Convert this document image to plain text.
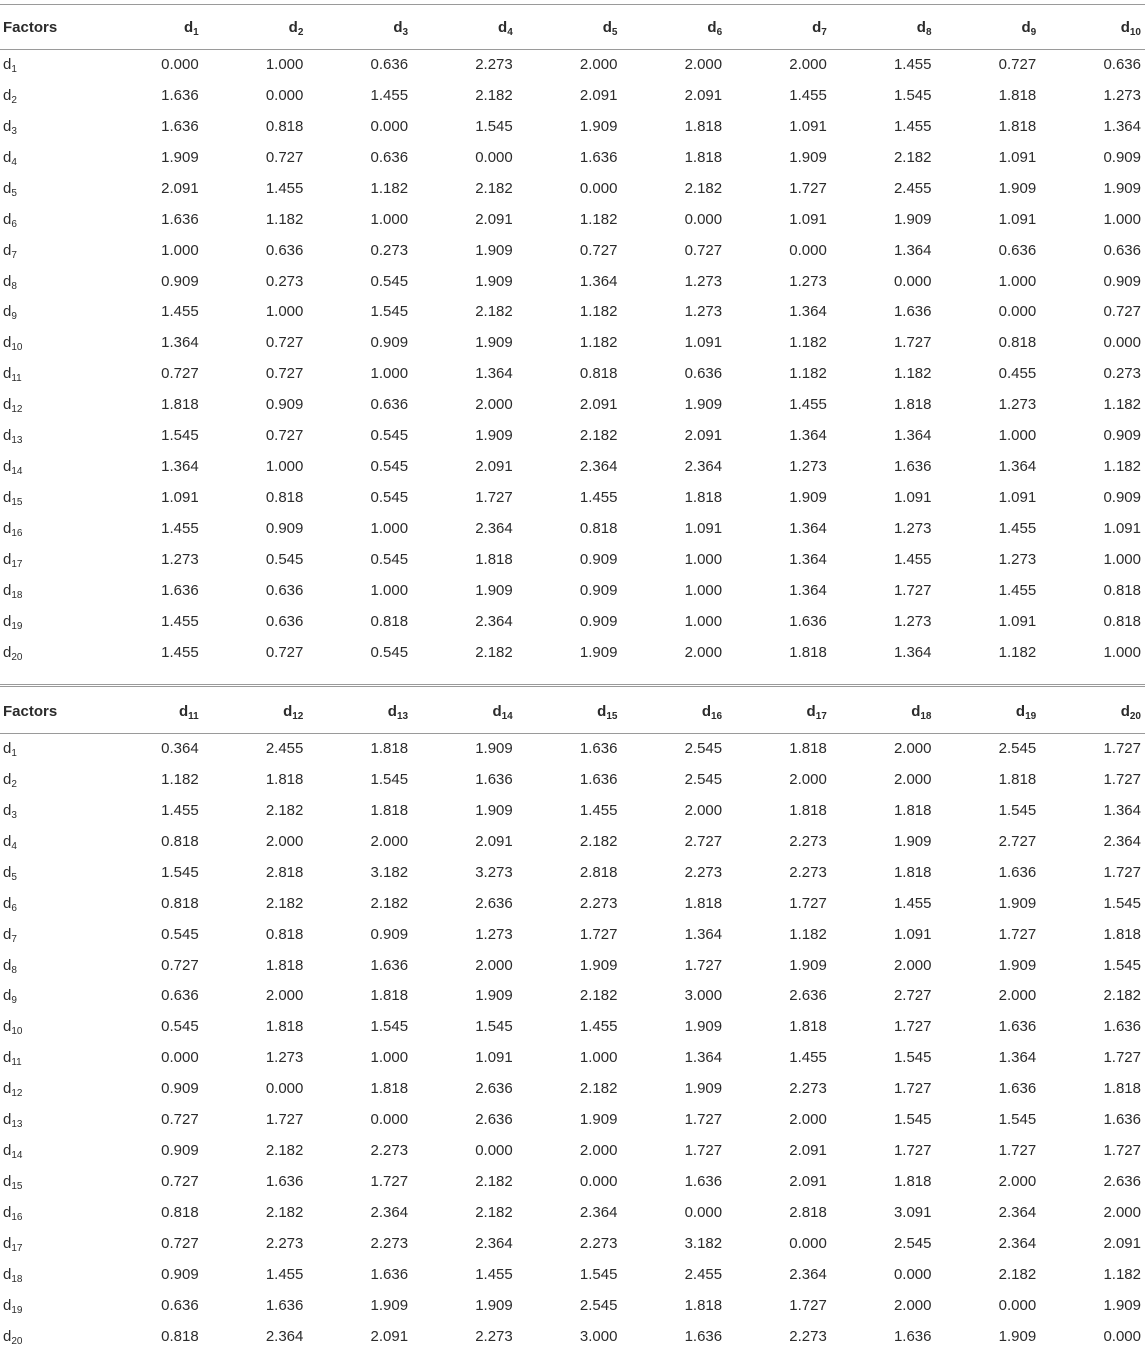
Factors	$d_1$	$d_2$	$d_3$	$d_4$	$d_5$	$d_6$	$d_7$	$d_8$	$d_9$	$d_{10}$
$d_1$	0.000	1.000	0.636	2.273	2.000	2.000	2.000	1.455	0.727	0.636
$d_2$	1.636	0.000	1.455	2.182	2.091	2.091	1.455	1.545	1.818	1.273
$d_3$	1.636	0.818	0.000	1.545	1.909	1.818	1.091	1.455	1.818	1.364
$d_4$	1.909	0.727	0.636	0.000	1.636	1.818	1.909	2.182	1.091	0.909
$d_5$	2.091	1.455	1.182	2.182	0.000	2.182	1.727	2.455	1.909	1.909
$d_6$	1.636	1.182	1.000	2.091	1.182	0.000	1.091	1.909	1.091	1.000
$d_7$	1.000	0.636	0.273	1.909	0.727	0.727	0.000	1.364	0.636	0.636
$d_8$	0.909	0.273	0.545	1.909	1.364	1.273	1.273	0.000	1.000	0.909
$d_9$	1.455	1.000	1.545	2.182	1.182	1.273	1.364	1.636	0.000	0.727
$d_{10}$	1.364	0.727	0.909	1.909	1.182	1.091	1.182	1.727	0.818	0.000
$d_{11}$	0.727	0.727	1.000	1.364	0.818	0.636	1.182	1.182	0.455	0.273
$d_{12}$	1.818	0.909	0.636	2.000	2.091	1.909	1.455	1.818	1.273	1.182
$d_{13}$	1.545	0.727	0.545	1.909	2.182	2.091	1.364	1.364	1.000	0.909
$d_{14}$	1.364	1.000	0.545	2.091	2.364	2.364	1.273	1.636	1.364	1.182
$d_{15}$	1.091	0.818	0.545	1.727	1.455	1.818	1.909	1.091	1.091	0.909
$d_{16}$	1.455	0.909	1.000	2.364	0.818	1.091	1.364	1.273	1.455	1.091
$d_{17}$	1.273	0.545	0.545	1.818	0.909	1.000	1.364	1.455	1.273	1.000
$d_{18}$	1.636	0.636	1.000	1.909	0.909	1.000	1.364	1.727	1.455	0.818
$d_{19}$	1.455	0.636	0.818	2.364	0.909	1.000	1.636	1.273	1.091	0.818
$d_{20}$	1.455	0.727	0.545	2.182	1.909	2.000	1.818	1.364	1.182	1.000
Factors	$d_{11}$	$d_{12}$	$d_{13}$	$d_{14}$	$d_{15}$	$d_{16}$	$d_{17}$	$d_{18}$	$d_{19}$	$d_{20}$
$d_1$	0.364	2.455	1.818	1.909	1.636	2.545	1.818	2.000	2.545	1.727
$d_2$	1.182	1.818	1.545	1.636	1.636	2.545	2.000	2.000	1.818	1.727
$d_3$	1.455	2.182	1.818	1.909	1.455	2.000	1.818	1.818	1.545	1.364
$d_4$	0.818	2.000	2.000	2.091	2.182	2.727	2.273	1.909	2.727	2.364
$d_5$	1.545	2.818	3.182	3.273	2.818	2.273	2.273	1.818	1.636	1.727
$d_6$	0.818	2.182	2.182	2.636	2.273	1.818	1.727	1.455	1.909	1.545
$d_7$	0.545	0.818	0.909	1.273	1.727	1.364	1.182	1.091	1.727	1.818
$d_8$	0.727	1.818	1.636	2.000	1.909	1.727	1.909	2.000	1.909	1.545
$d_9$	0.636	2.000	1.818	1.909	2.182	3.000	2.636	2.727	2.000	2.182
$d_{10}$	0.545	1.818	1.545	1.545	1.455	1.909	1.818	1.727	1.636	1.636
$d_{11}$	0.000	1.273	1.000	1.091	1.000	1.364	1.455	1.545	1.364	1.727
$d_{12}$	0.909	0.000	1.818	2.636	2.182	1.909	2.273	1.727	1.636	1.818
$d_{13}$	0.727	1.727	0.000	2.636	1.909	1.727	2.000	1.545	1.545	1.636
$d_{14}$	0.909	2.182	2.273	0.000	2.000	1.727	2.091	1.727	1.727	1.727
$d_{15}$	0.727	1.636	1.727	2.182	0.000	1.636	2.091	1.818	2.000	2.636
$d_{16}$	0.818	2.182	2.364	2.182	2.364	0.000	2.818	3.091	2.364	2.000
$d_{17}$	0.727	2.273	2.273	2.364	2.273	3.182	0.000	2.545	2.364	2.091
$d_{18}$	0.909	1.455	1.636	1.455	1.545	2.455	2.364	0.000	2.182	1.182
$d_{19}$	0.636	1.636	1.909	1.909	2.545	1.818	1.727	2.000	0.000	1.909
$d_{20}$	0.818	2.364	2.091	2.273	3.000	1.636	2.273	1.636	1.909	0.000
